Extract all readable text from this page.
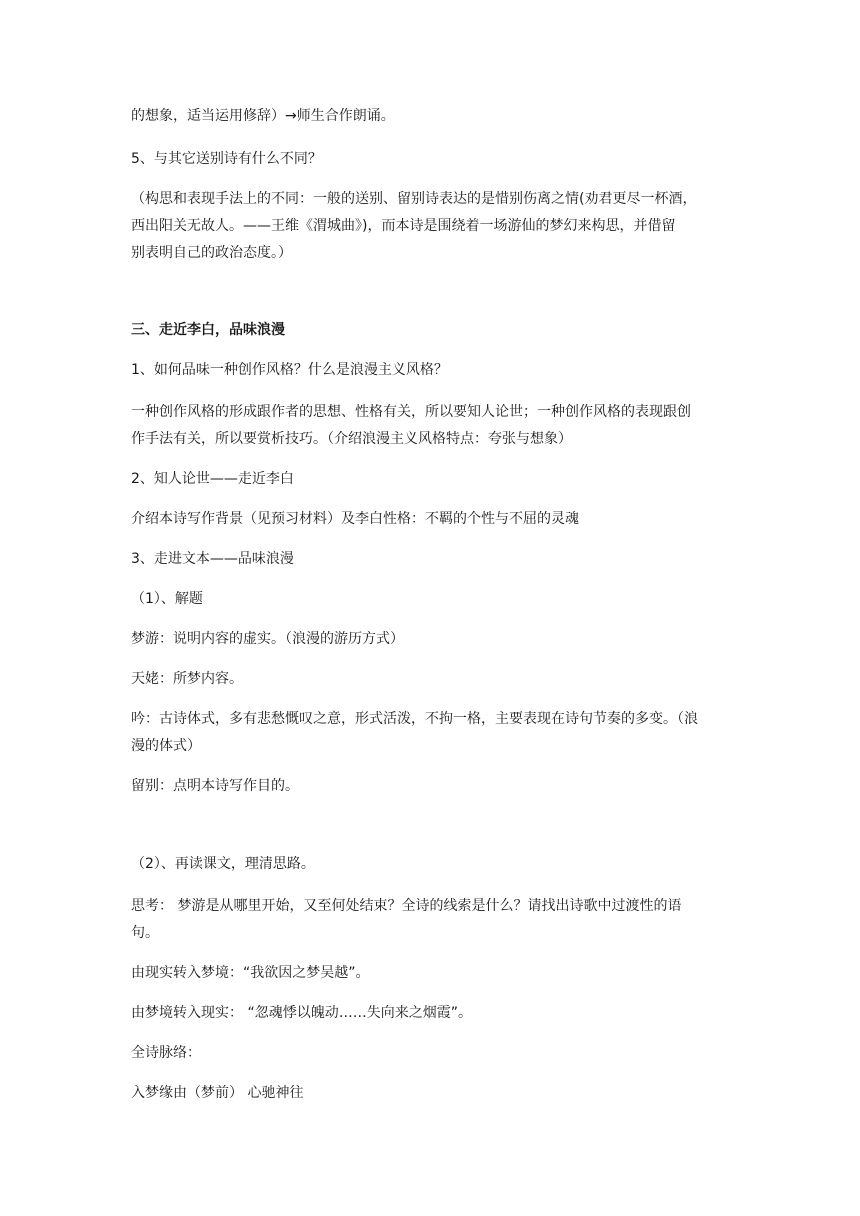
的想象，适当运用修辞）→师生合作朗诵。

5、与其它送别诗有什么不同？

（构思和表现手法上的不同：一般的送别、留别诗表达的是惜别伤离之情(劝君更尽一杯酒，

西出阳关无故人。——王维《渭城曲》)，而本诗是围绕着一场游仙的梦幻来构思，并借留

别表明自己的政治态度。）

三、走近李白，品味浪漫

1、如何品味一种创作风格？什么是浪漫主义风格？

一种创作风格的形成跟作者的思想、性格有关，所以要知人论世；一种创作风格的表现跟创

作手法有关，所以要赏析技巧。（介绍浪漫主义风格特点：夸张与想象）

2、知人论世——走近李白

介绍本诗写作背景（见预习材料）及李白性格：不羁的个性与不屈的灵魂

3、走进文本——品味浪漫

（1）、解题

梦游：说明内容的虚实。（浪漫的游历方式）

天姥：所梦内容。

吟：古诗体式，多有悲愁慨叹之意，形式活泼，不拘一格，主要表现在诗句节奏的多变。（浪

漫的体式）

留别：点明本诗写作目的。

（2）、再读课文，理清思路。

思考： 梦游是从哪里开始，又至何处结束？全诗的线索是什么？请找出诗歌中过渡性的语

句。

由现实转入梦境：“我欲因之梦吴越”。

由梦境转入现实： “忽魂悸以魄动……失向来之烟霞”。

全诗脉络：

入梦缘由（梦前） 心驰神往
